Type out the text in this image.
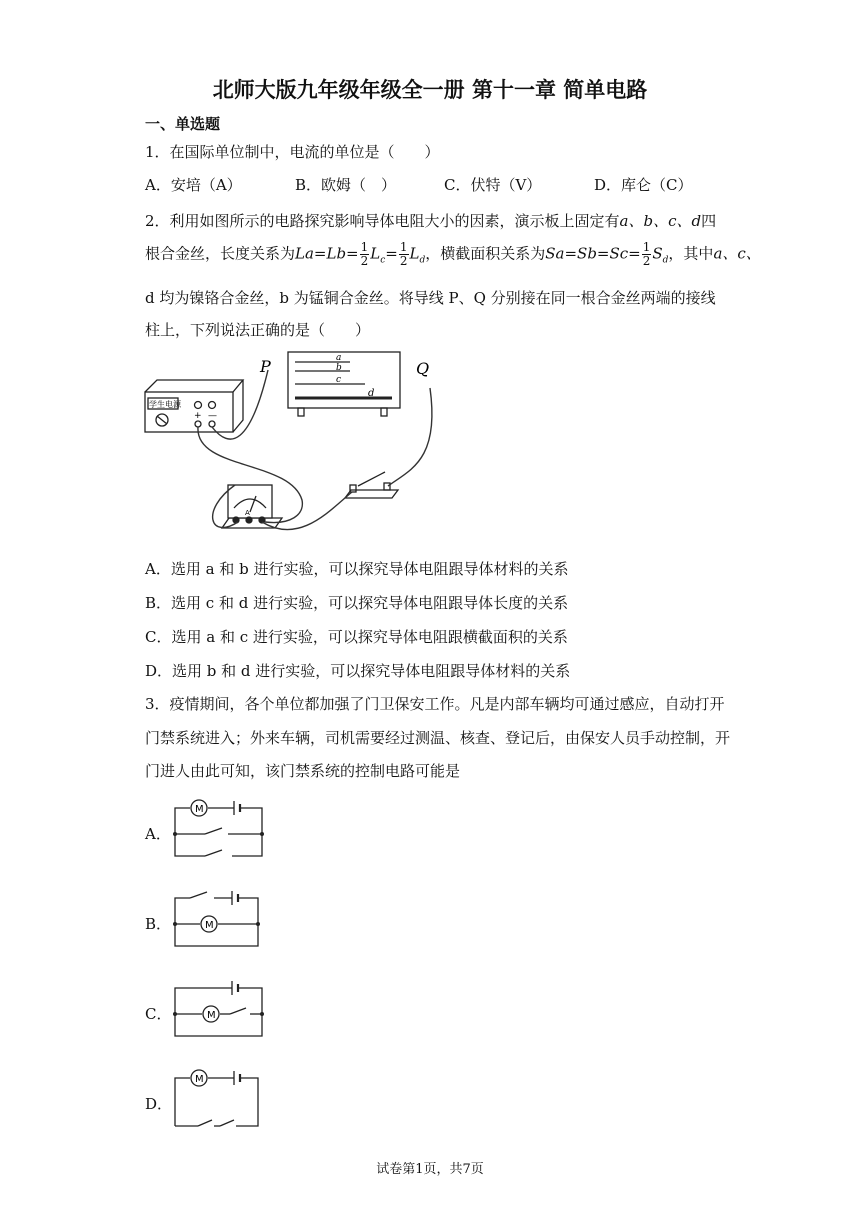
北师大版九年级年级全一册 第十一章 简单电路
一、单选题
1．在国际单位制中，电流的单位是（　　）
A．安培（A）	B．欧姆（　）	C．伏特（V）	D．库仑（C）
2．利用如图所示的电路探究影响导体电阻大小的因素，演示板上固定有a、b、c、d四
根合金丝，长度关系为$La=Lb= \frac{1}{2} L_c= \frac{1}{2} L_d$，横截面积关系为$Sa=Sb=Sc= \frac{1}{2} S_d$，其中a、c、
d 均为镍铬合金丝，b 为锰铜合金丝。将导线 P、Q 分别接在同一根合金丝两端的接线
柱上，下列说法正确的是（　　）
学生电源
+ —
a
b
c
d
P	Q
A
A．选用 a 和 b 进行实验，可以探究导体电阻跟导体材料的关系
B．选用 c 和 d 进行实验，可以探究导体电阻跟导体长度的关系
C．选用 a 和 c 进行实验，可以探究导体电阻跟横截面积的关系
D．选用 b 和 d 进行实验，可以探究导体电阻跟导体材料的关系
3．疫情期间，各个单位都加强了门卫保安工作。凡是内部车辆均可通过感应，自动打开
门禁系统进入；外来车辆，司机需要经过测温、核查、登记后，由保安人员手动控制，开
门进人由此可知，该门禁系统的控制电路可能是
A．
M
B．	M
C．	M
D．
M
试卷第1页，共7页
